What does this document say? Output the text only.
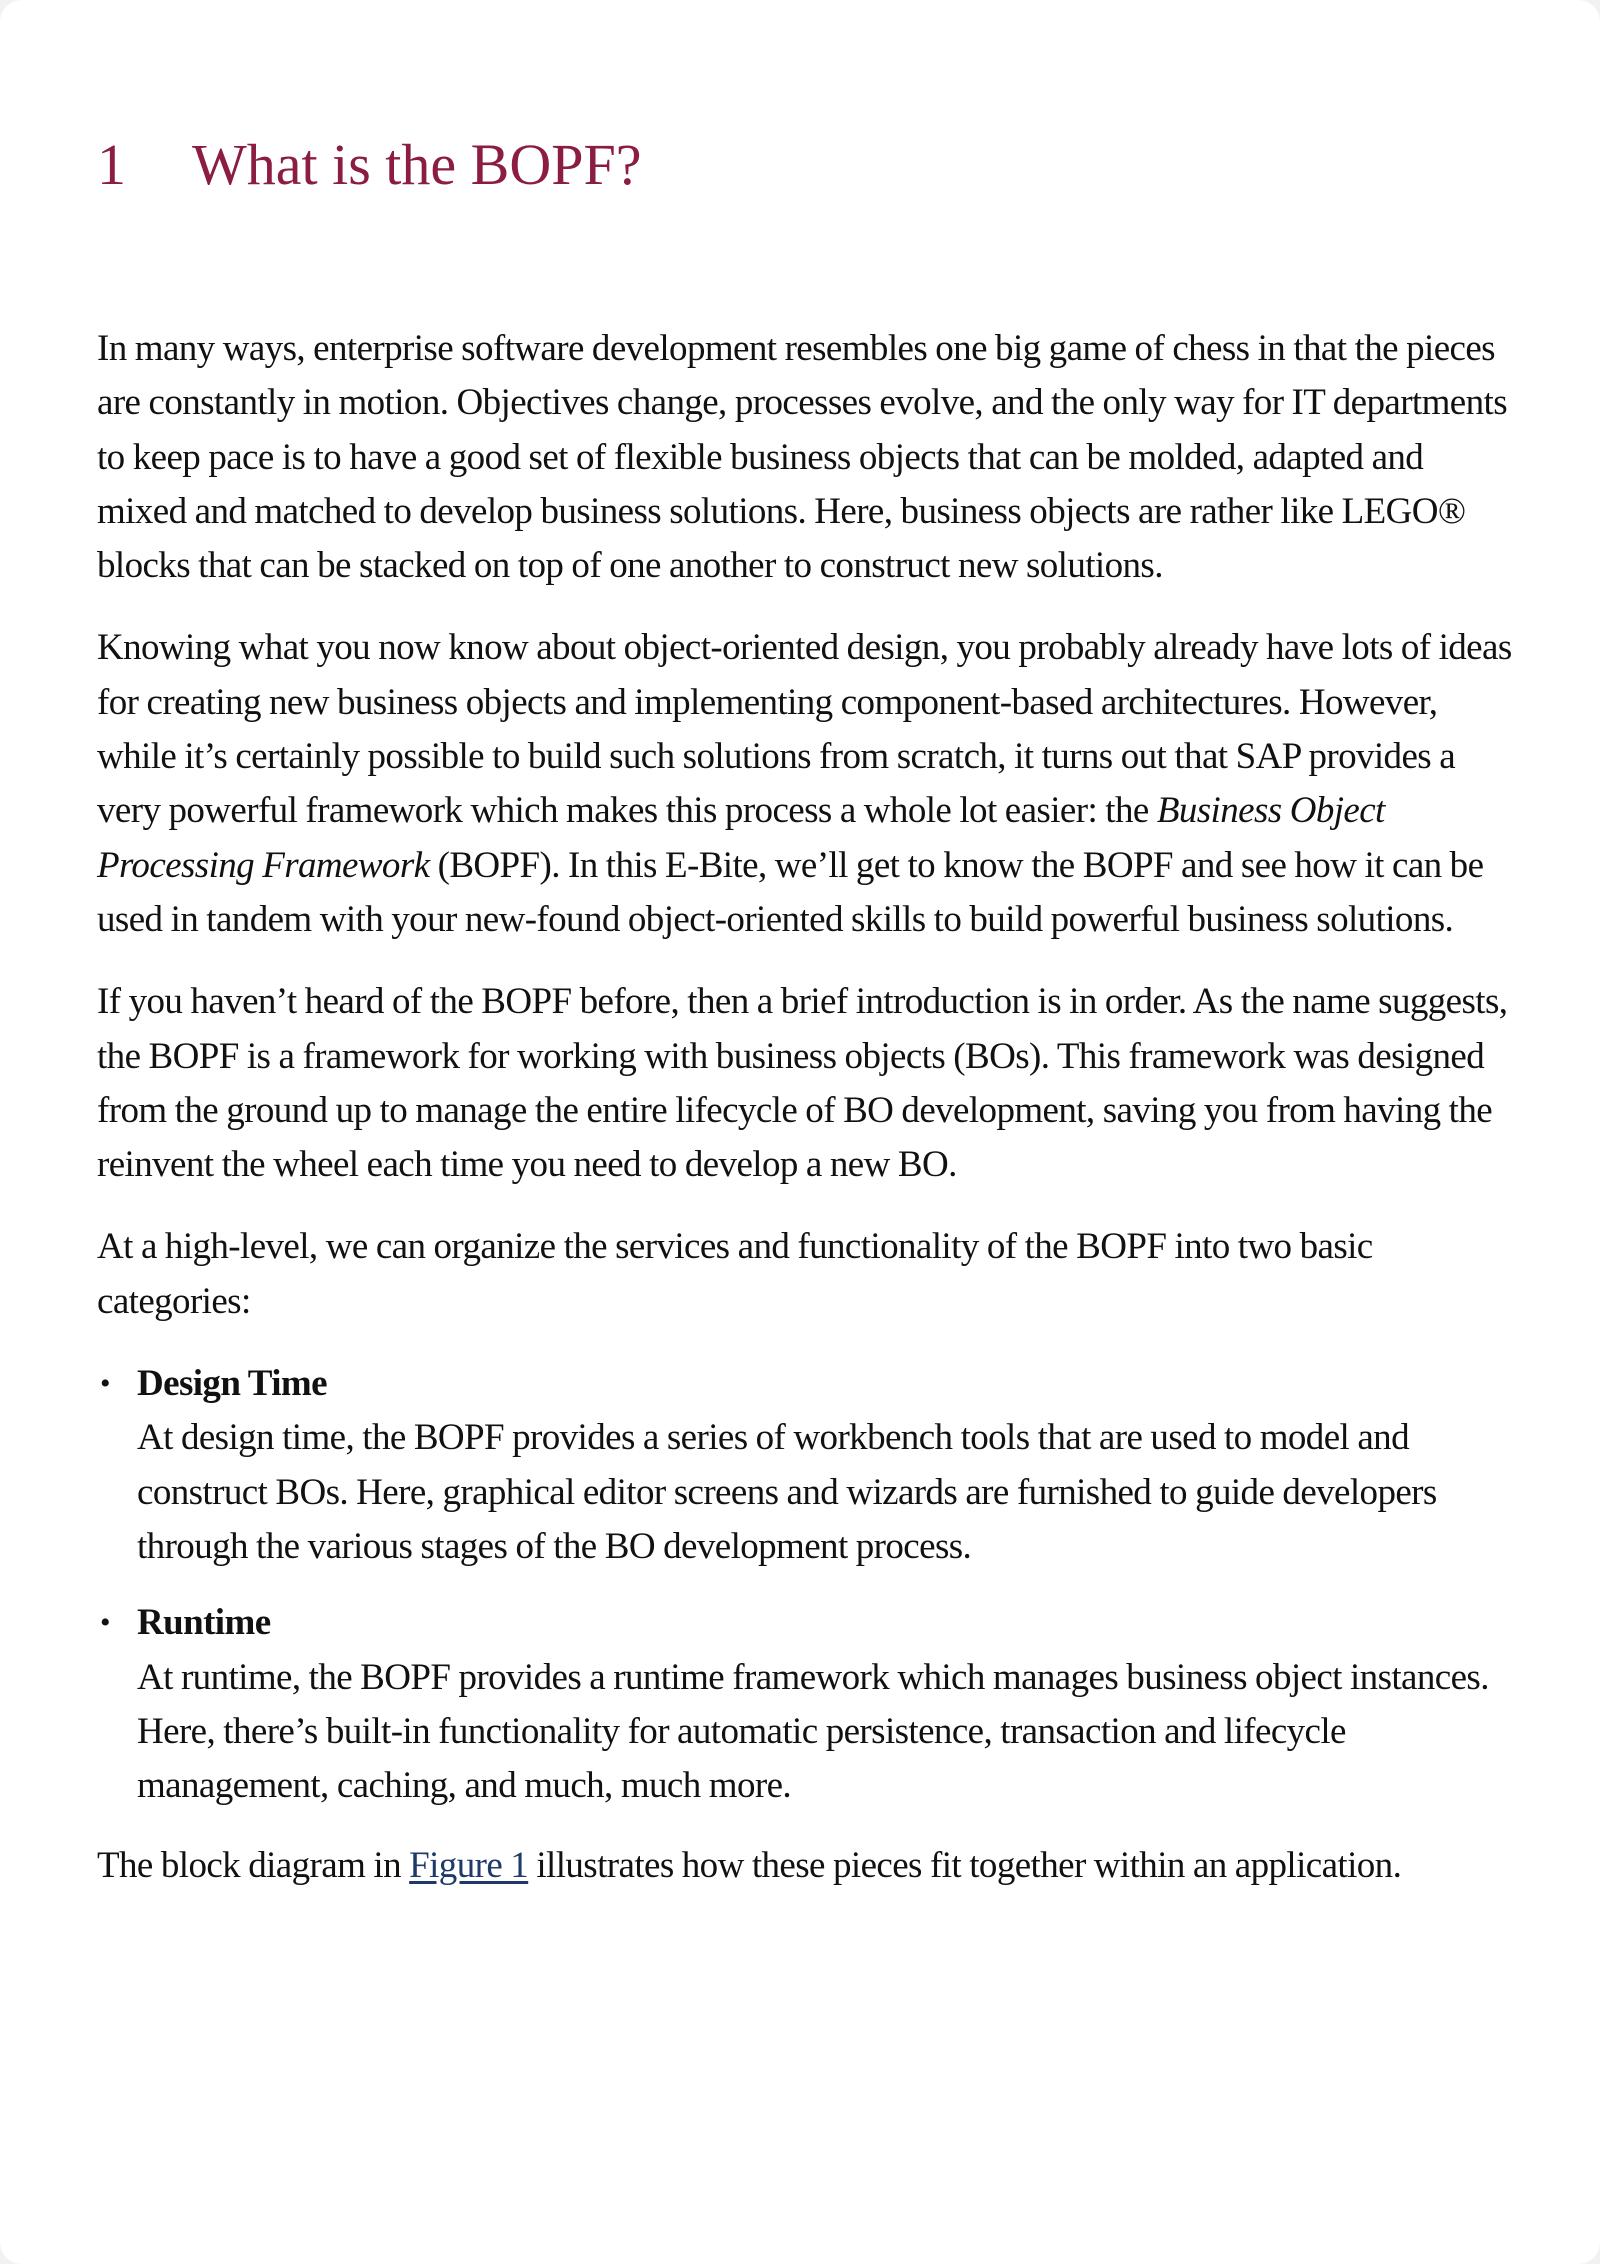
1 What is the BOPF?

In many ways, enterprise software development resembles one big game of chess in that the pieces are constantly in motion. Objectives change, processes evolve, and the only way for IT departments to keep pace is to have a good set of flexible business objects that can be molded, adapted and mixed and matched to develop business solutions. Here, business objects are rather like LEGO® blocks that can be stacked on top of one another to construct new solutions.

Knowing what you now know about object-oriented design, you probably already have lots of ideas for creating new business objects and implementing component-based architectures. However, while it’s certainly possible to build such solutions from scratch, it turns out that SAP provides a very powerful framework which makes this process a whole lot easier: the Business Object Processing Framework (BOPF). In this E-Bite, we’ll get to know the BOPF and see how it can be used in tandem with your new-found object-oriented skills to build powerful business solutions.

If you haven’t heard of the BOPF before, then a brief introduction is in order. As the name suggests, the BOPF is a framework for working with business objects (BOs). This framework was designed from the ground up to manage the entire lifecycle of BO development, saving you from having the reinvent the wheel each time you need to develop a new BO.

At a high-level, we can organize the services and functionality of the BOPF into two basic categories:

• Design Time
At design time, the BOPF provides a series of workbench tools that are used to model and construct BOs. Here, graphical editor screens and wizards are furnished to guide developers through the various stages of the BO development process.
• Runtime
At runtime, the BOPF provides a runtime framework which manages business object instances. Here, there’s built-in functionality for automatic persistence, transaction and lifecycle management, caching, and much, much more.

The block diagram in Figure 1 illustrates how these pieces fit together within an application.
